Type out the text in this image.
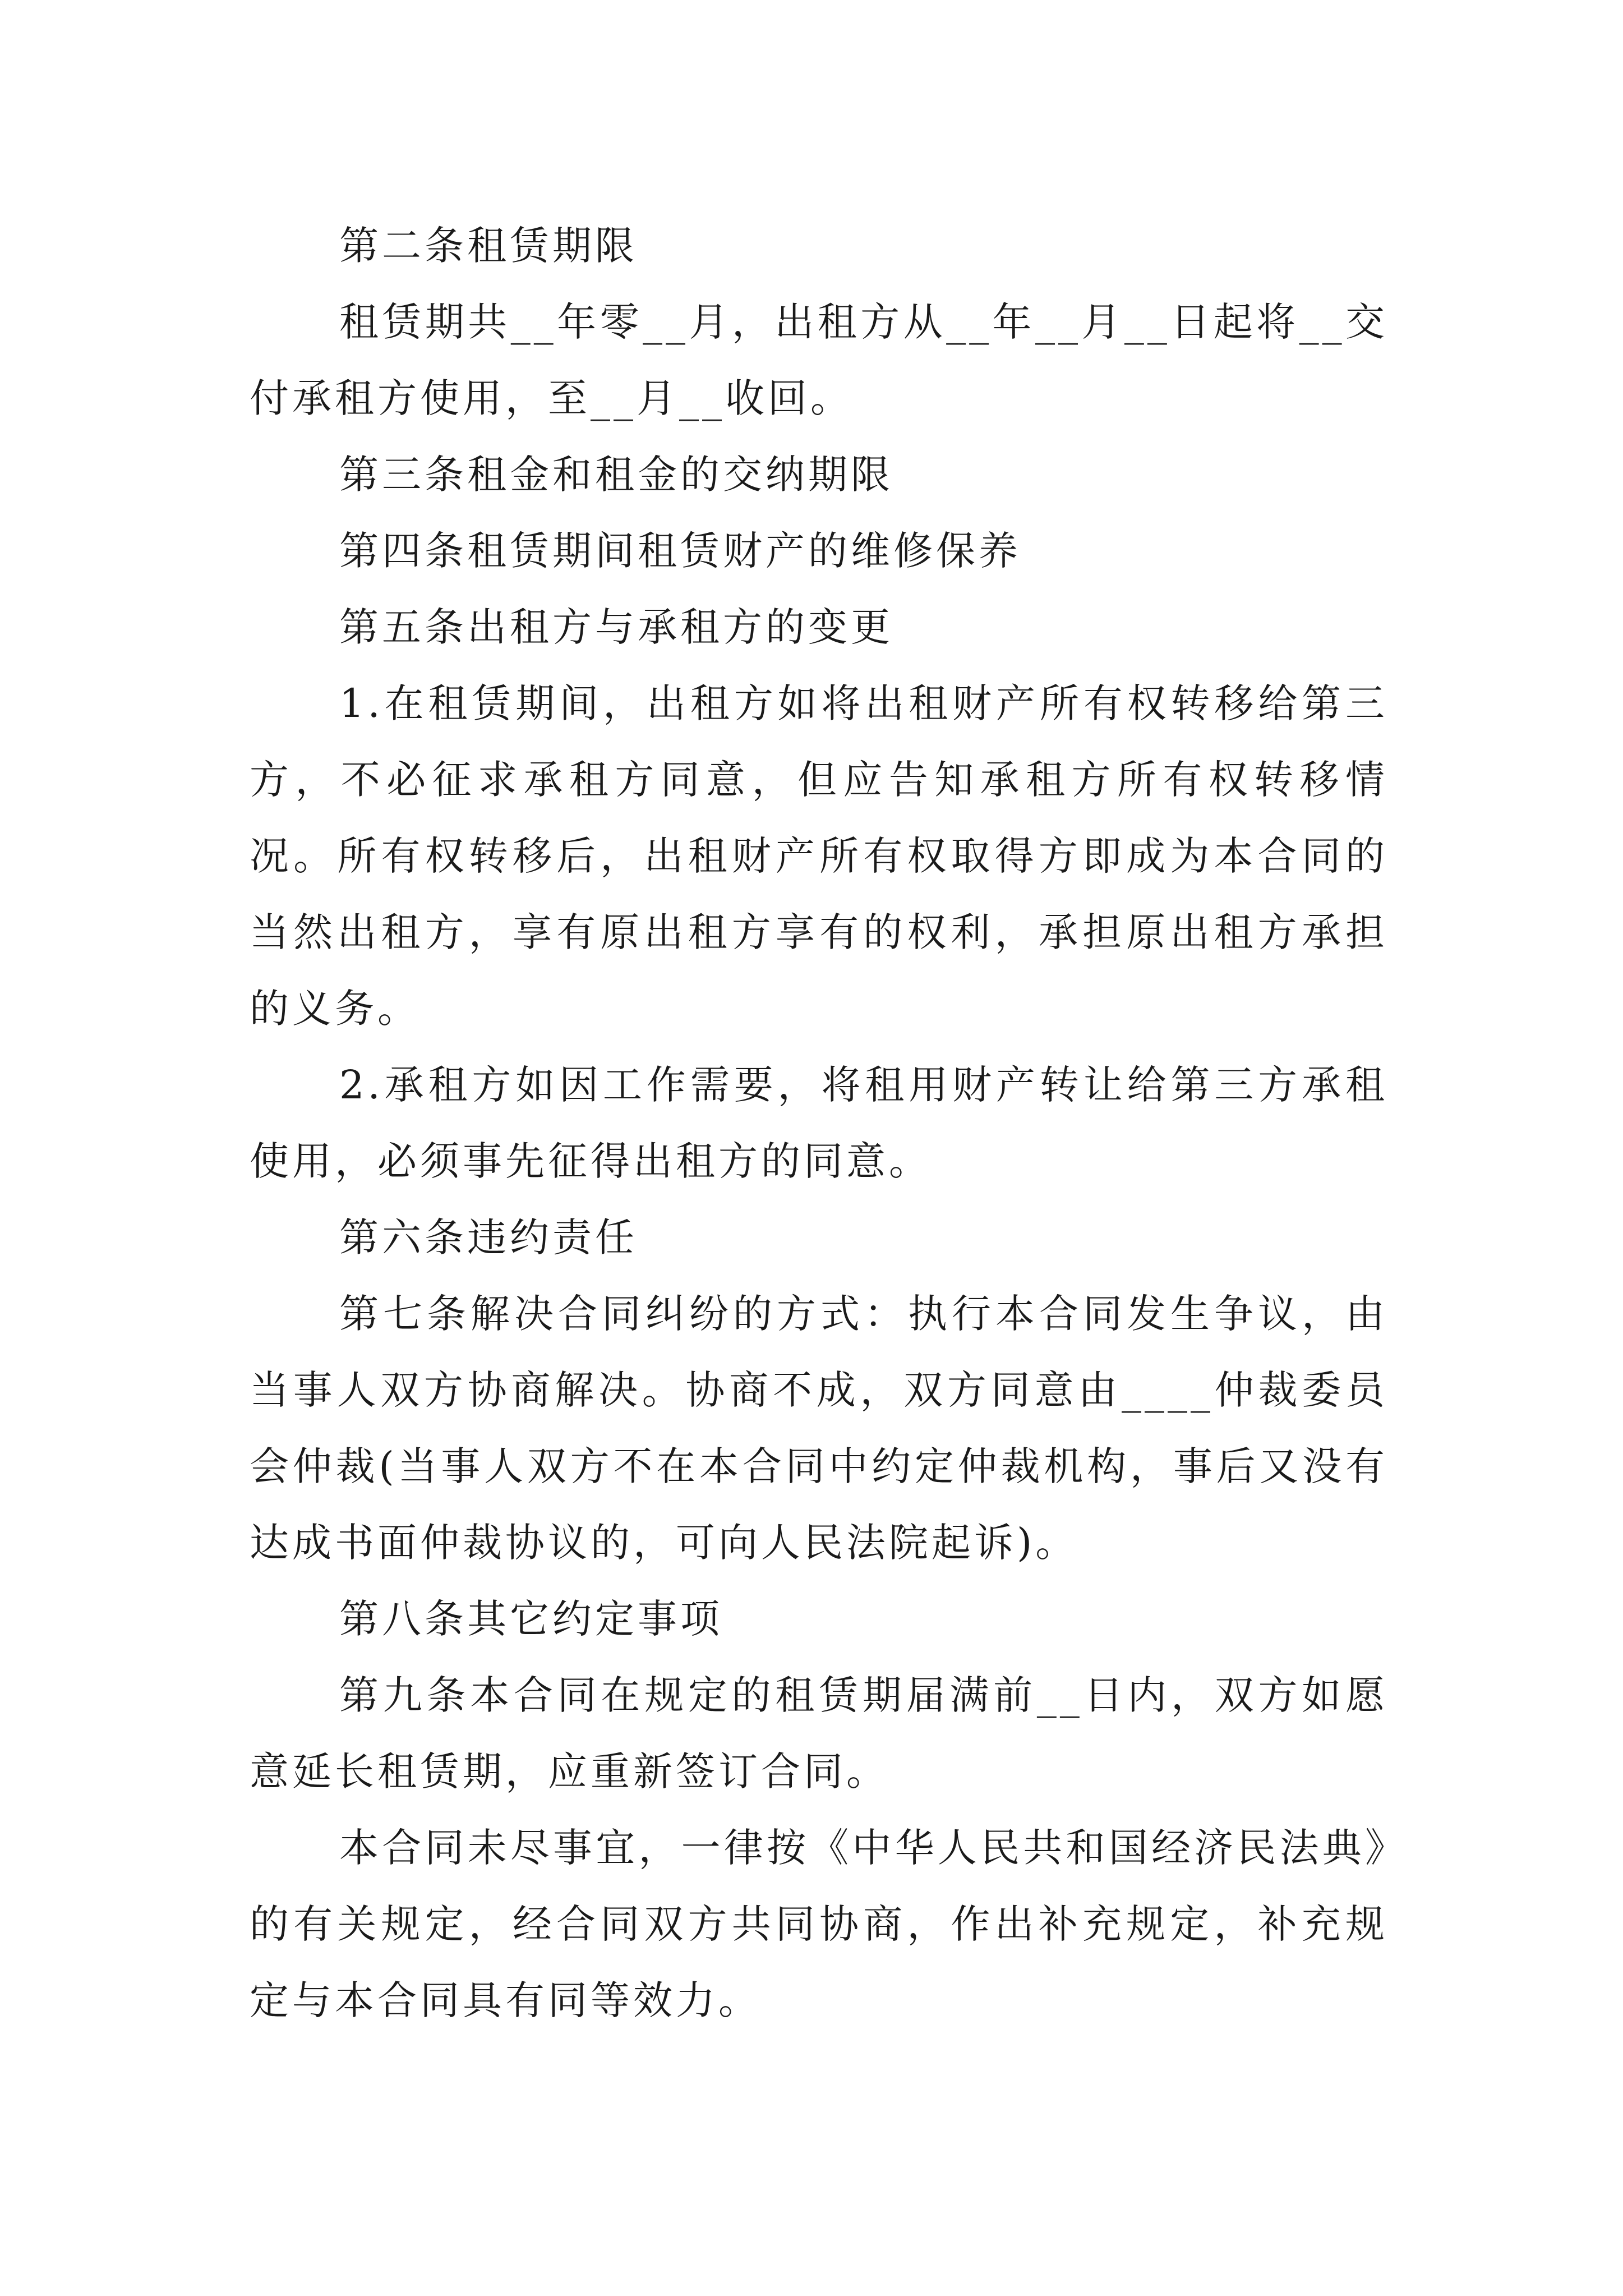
第二条租赁期限

租赁期共__年零__月，出租方从__年__月__日起将__交付承租方使用，至__月__收回。

第三条租金和租金的交纳期限

第四条租赁期间租赁财产的维修保养

第五条出租方与承租方的变更

1.在租赁期间，出租方如将出租财产所有权转移给第三方，不必征求承租方同意，但应告知承租方所有权转移情况。所有权转移后，出租财产所有权取得方即成为本合同的当然出租方，享有原出租方享有的权利，承担原出租方承担的义务。

2.承租方如因工作需要，将租用财产转让给第三方承租使用，必须事先征得出租方的同意。

第六条违约责任

第七条解决合同纠纷的方式：执行本合同发生争议，由当事人双方协商解决。协商不成，双方同意由____仲裁委员会仲裁(当事人双方不在本合同中约定仲裁机构，事后又没有达成书面仲裁协议的，可向人民法院起诉)。

第八条其它约定事项

第九条本合同在规定的租赁期届满前__日内，双方如愿意延长租赁期，应重新签订合同。

本合同未尽事宜，一律按《中华人民共和国经济民法典》的有关规定，经合同双方共同协商，作出补充规定，补充规定与本合同具有同等效力。
